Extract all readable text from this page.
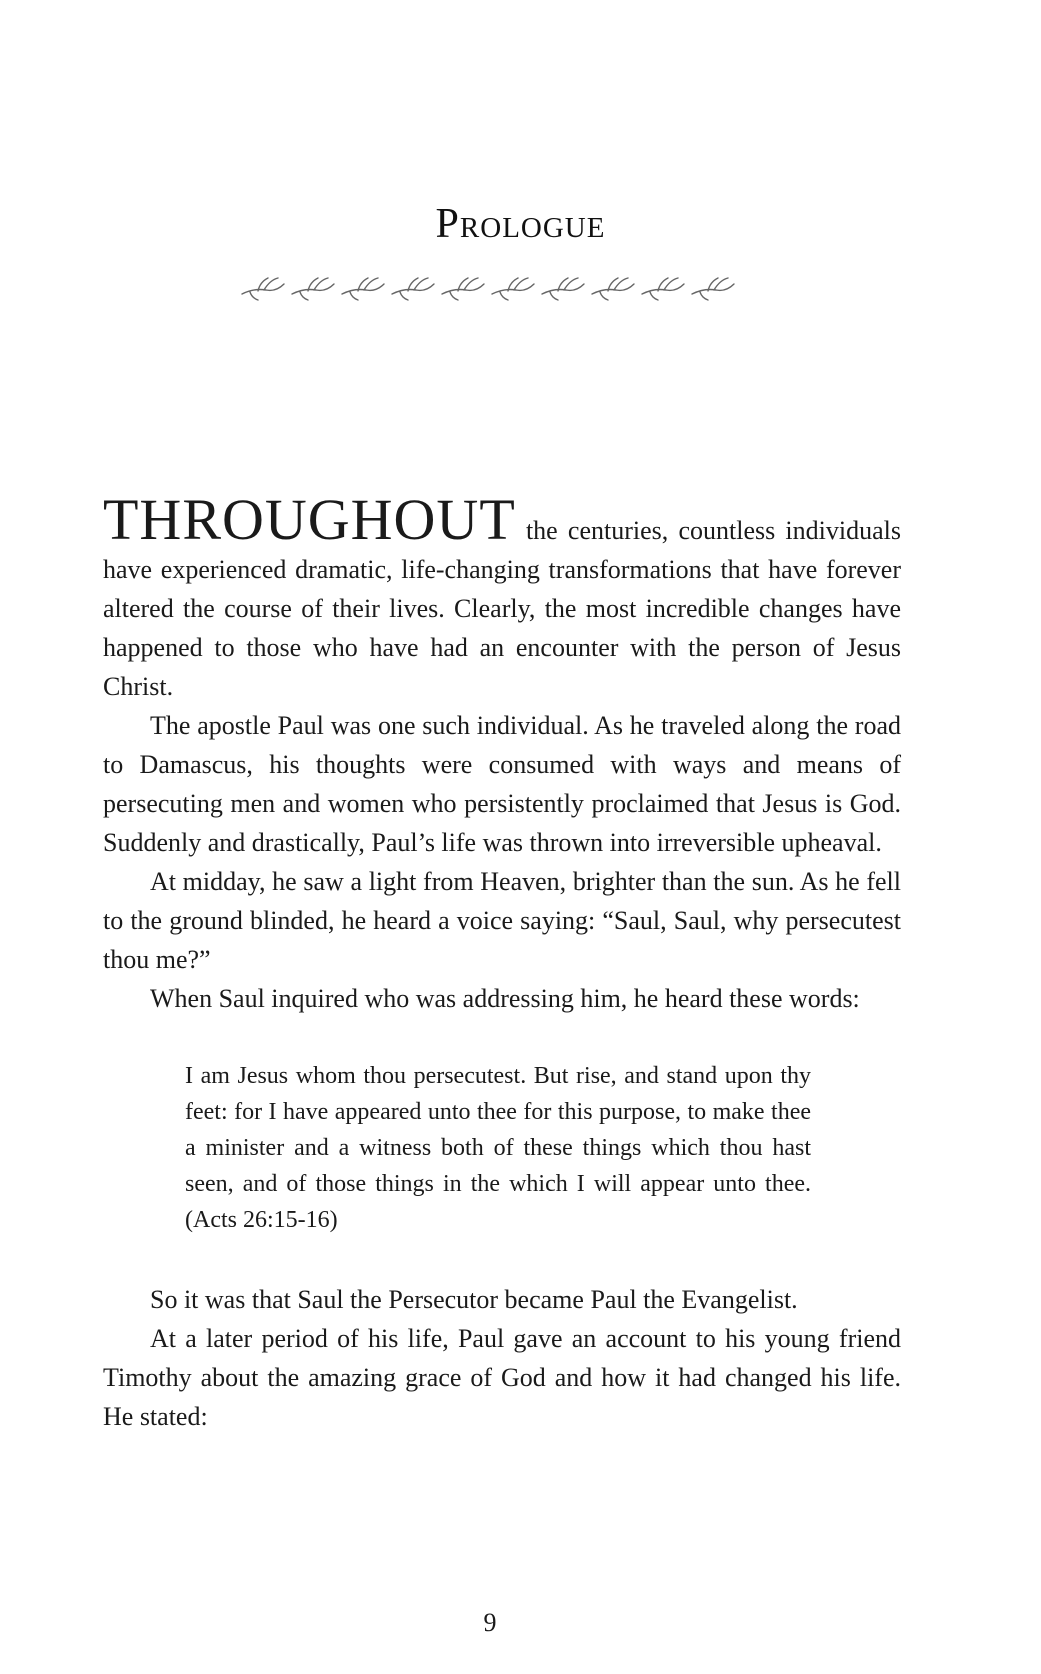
Prologue

THROUGHOUT the centuries, countless individuals have experienced dramatic, life-changing transformations that have forever altered the course of their lives. Clearly, the most incredible changes have happened to those who have had an encounter with the person of Jesus Christ.

The apostle Paul was one such individual. As he traveled along the road to Damascus, his thoughts were consumed with ways and means of persecuting men and women who persistently proclaimed that Jesus is God. Suddenly and drastically, Paul’s life was thrown into irreversible upheaval.

At midday, he saw a light from Heaven, brighter than the sun. As he fell to the ground blinded, he heard a voice saying: “Saul, Saul, why persecutest thou me?”

When Saul inquired who was addressing him, he heard these words:

I am Jesus whom thou persecutest. But rise, and stand upon thy feet: for I have appeared unto thee for this purpose, to make thee a minister and a witness both of these things which thou hast seen, and of those things in the which I will appear unto thee. (Acts 26:15-16)

So it was that Saul the Persecutor became Paul the Evangelist.

At a later period of his life, Paul gave an account to his young friend Timothy about the amazing grace of God and how it had changed his life. He stated:

9
